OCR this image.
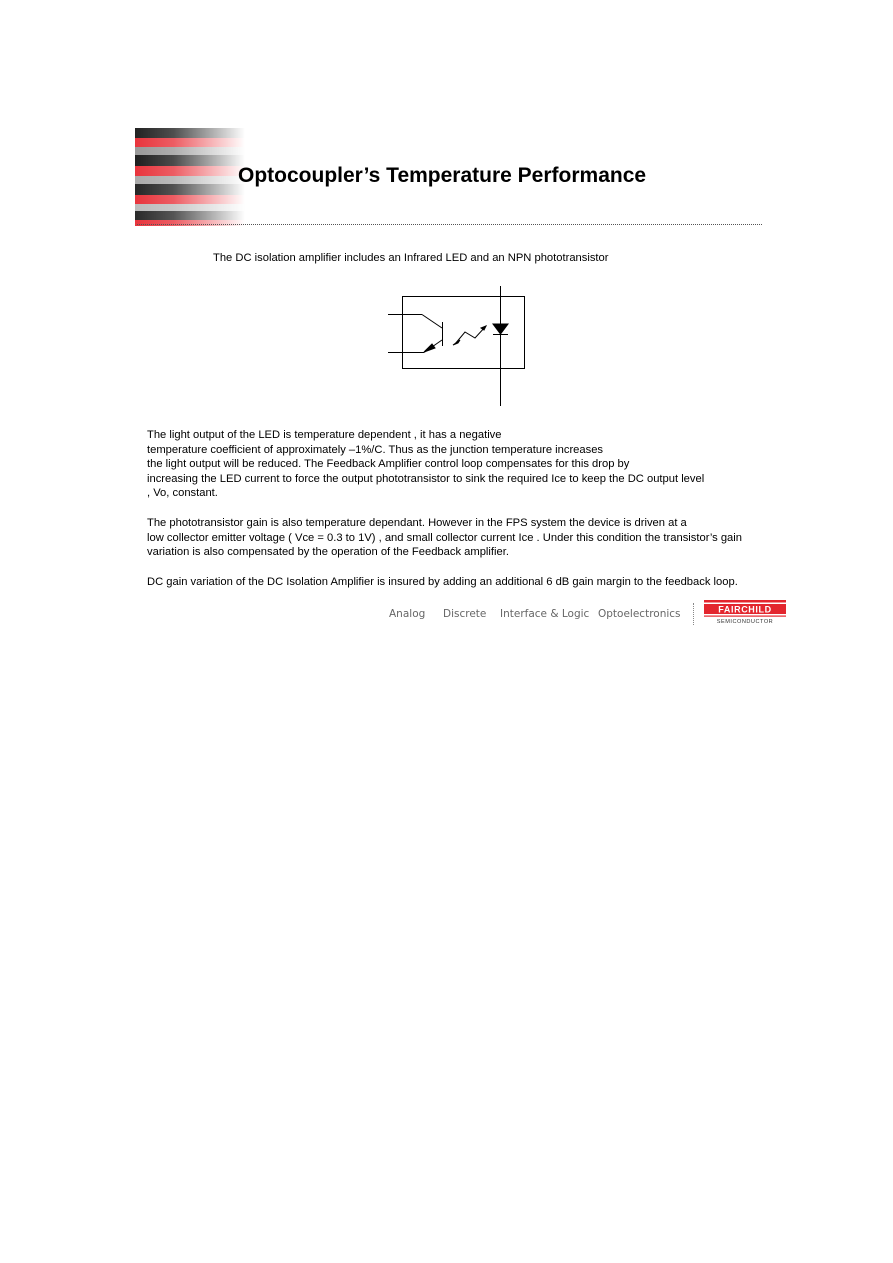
Optocoupler’s Temperature Performance
The DC isolation amplifier includes an Infrared LED and an NPN phototransistor
The light output of the LED is temperature dependent , it has a negative
temperature coefficient of approximately –1%/C. Thus as the junction temperature increases
the light output will be reduced. The Feedback Amplifier control loop compensates for this drop by
increasing the LED current to force the output phototransistor to sink the required Ice to keep the DC output level
, Vo, constant.
The phototransistor gain is also temperature dependant. However in the FPS system the device is driven at a
low collector emitter voltage ( Vce = 0.3 to 1V) , and small collector current Ice . Under this condition the transistor’s gain
variation is also compensated by the operation of the Feedback amplifier.
DC gain variation of the DC Isolation Amplifier is insured by adding an additional 6 dB gain margin to the feedback loop.
Analog Discrete Interface & Logic Optoelectronics	FAIRCHILD
SEMICONDUCTOR
